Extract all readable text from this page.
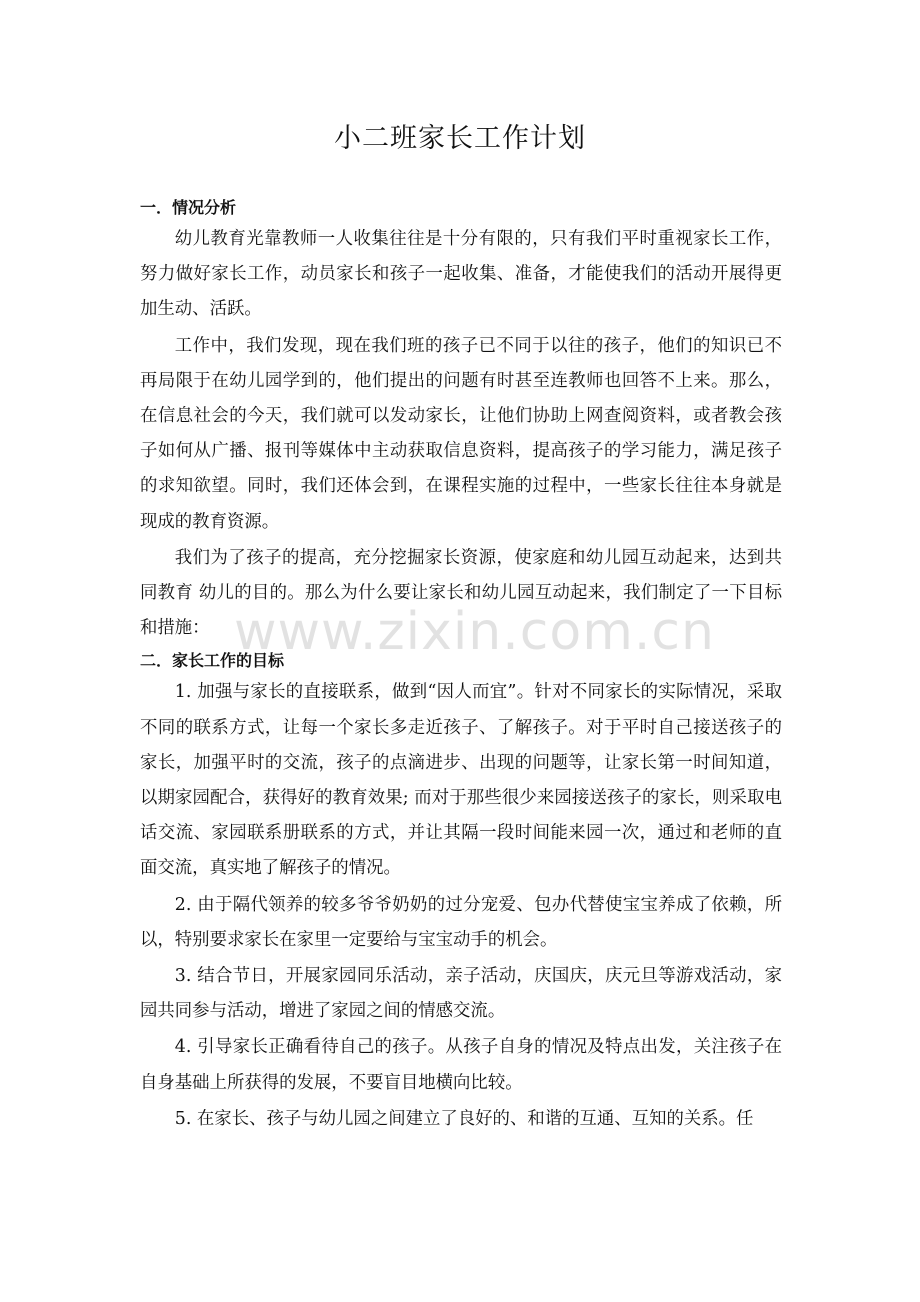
小二班家长工作计划
一．情况分析

幼儿教育光靠教师一人收集往往是十分有限的，只有我们平时重视家长工作，努力做好家长工作，动员家长和孩子一起收集、准备，才能使我们的活动开展得更加生动、活跃。

工作中，我们发现，现在我们班的孩子已不同于以往的孩子，他们的知识已不再局限于在幼儿园学到的，他们提出的问题有时甚至连教师也回答不上来。那么，在信息社会的今天，我们就可以发动家长，让他们协助上网查阅资料，或者教会孩子如何从广播、报刊等媒体中主动获取信息资料，提高孩子的学习能力，满足孩子的求知欲望。同时，我们还体会到，在课程实施的过程中，一些家长往往本身就是现成的教育资源。

我们为了孩子的提高，充分挖掘家长资源，使家庭和幼儿园互动起来，达到共同教育 幼儿的目的。那么为什么要让家长和幼儿园互动起来，我们制定了一下目标和措施：

二．家长工作的目标

1. 加强与家长的直接联系，做到“因人而宜”。针对不同家长的实际情况，采取不同的联系方式，让每一个家长多走近孩子、了解孩子。对于平时自己接送孩子的家长，加强平时的交流，孩子的点滴进步、出现的问题等，让家长第一时间知道，以期家园配合，获得好的教育效果; 而对于那些很少来园接送孩子的家长，则采取电话交流、家园联系册联系的方式，并让其隔一段时间能来园一次，通过和老师的直面交流，真实地了解孩子的情况。

2. 由于隔代领养的较多爷爷奶奶的过分宠爱、包办代替使宝宝养成了依赖，所以，特别要求家长在家里一定要给与宝宝动手的机会。

3. 结合节日，开展家园同乐活动，亲子活动，庆国庆，庆元旦等游戏活动，家园共同参与活动，增进了家园之间的情感交流。

4. 引导家长正确看待自己的孩子。从孩子自身的情况及特点出发，关注孩子在自身基础上所获得的发展，不要盲目地横向比较。

5. 在家长、孩子与幼儿园之间建立了良好的、和谐的互通、互知的关系。任

www.zixin.com.cn
